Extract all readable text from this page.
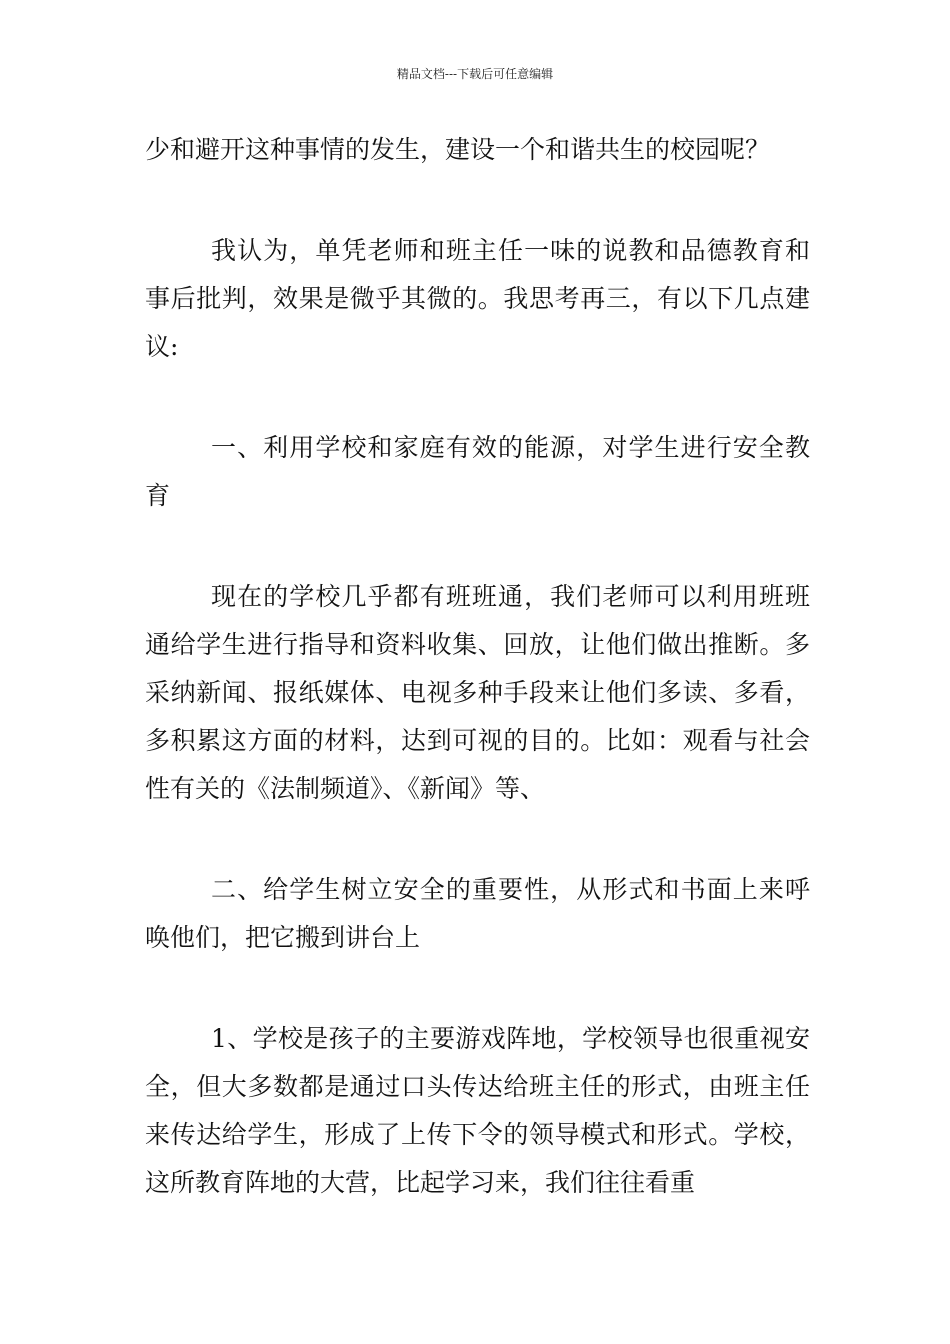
精品文档---下载后可任意编辑

少和避开这种事情的发生，建设一个和谐共生的校园呢？

我认为，单凭老师和班主任一味的说教和品德教育和事后批判，效果是微乎其微的。我思考再三，有以下几点建议:

一、利用学校和家庭有效的能源，对学生进行安全教育

现在的学校几乎都有班班通，我们老师可以利用班班通给学生进行指导和资料收集、回放，让他们做出推断。多采纳新闻、报纸媒体、电视多种手段来让他们多读、多看，多积累这方面的材料，达到可视的目的。比如：观看与社会性有关的《法制频道》、《新闻》等、

二、给学生树立安全的重要性，从形式和书面上来呼唤他们，把它搬到讲台上

1、学校是孩子的主要游戏阵地，学校领导也很重视安全，但大多数都是通过口头传达给班主任的形式，由班主任来传达给学生，形成了上传下令的领导模式和形式。学校，这所教育阵地的大营，比起学习来，我们往往看重
